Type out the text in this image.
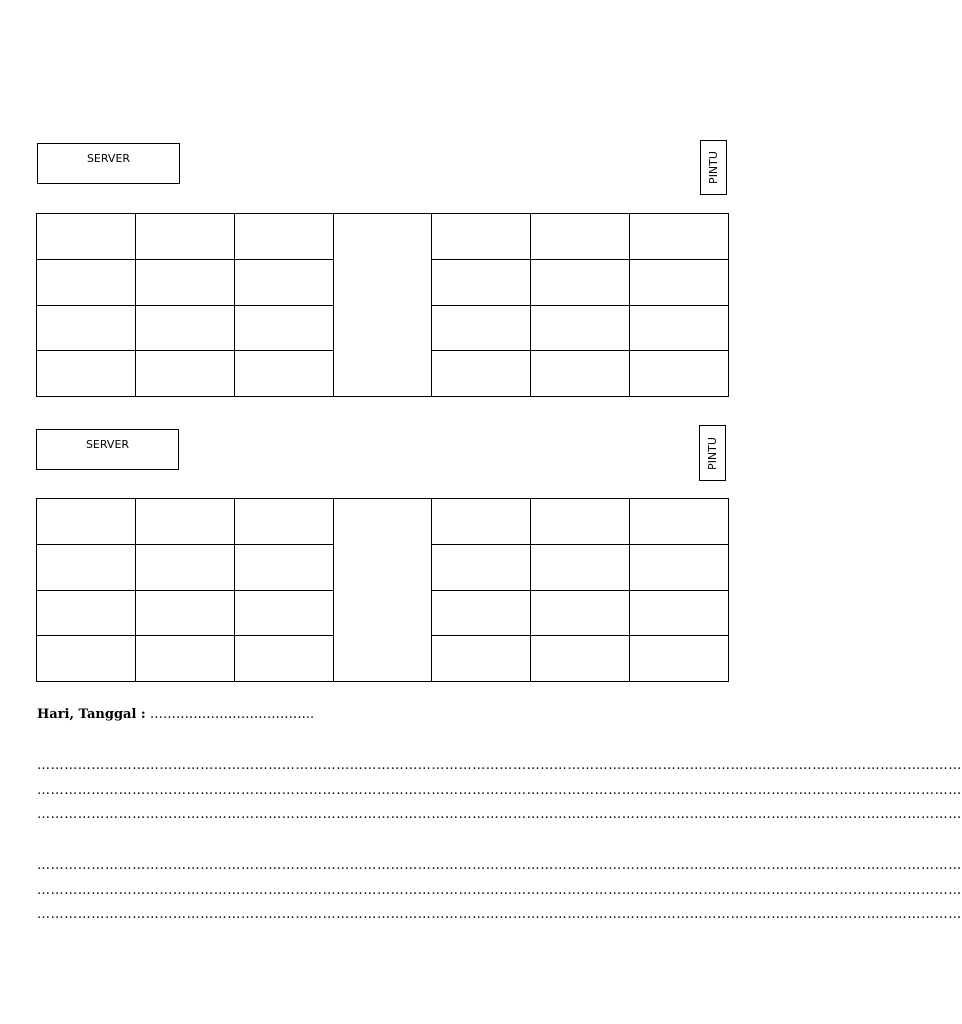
SERVER	PINTU

SERVER	PINTU

Hari, Tanggal : ………………………………..
……………………………………………………………………………………………………………………………………………………………………………………
……………………………………………………………………………………………………………………………………………………………………………………
……………………………………………………………………………………………………………………………………………………………………………………
……………………………………………………………………………………………………………………………………………………………………………………
……………………………………………………………………………………………………………………………………………………………………………………
……………………………………………………………………………………………………………………………………………………………………………………
